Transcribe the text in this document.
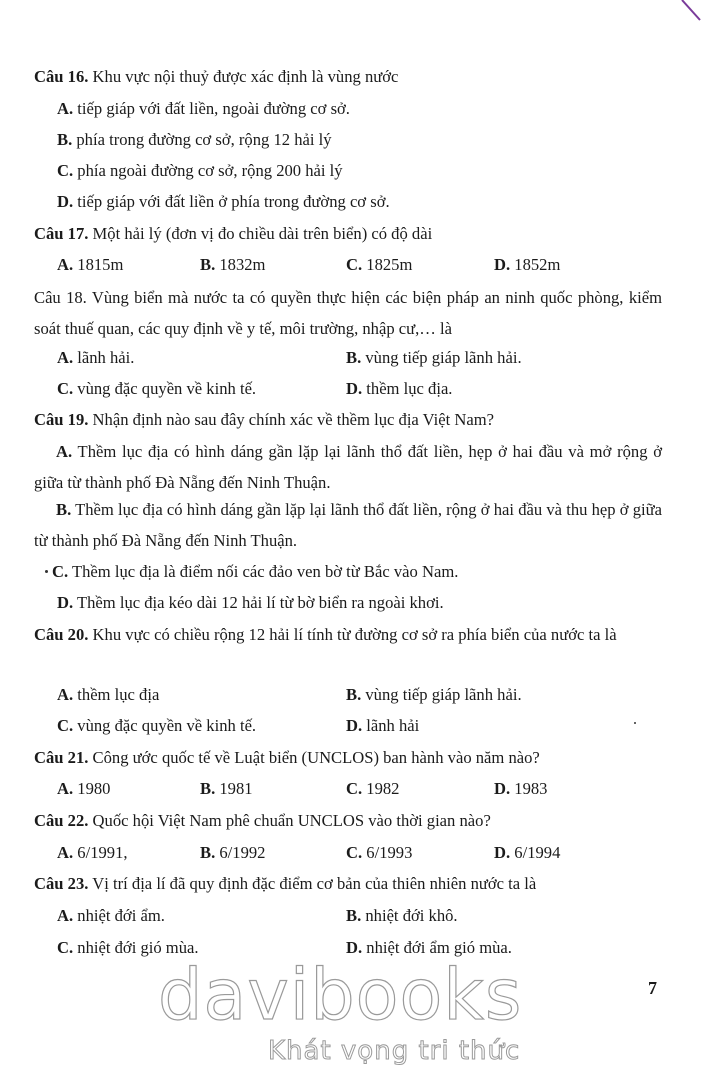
Câu 16. Khu vực nội thuỷ được xác định là vùng nước
A. tiếp giáp với đất liền, ngoài đường cơ sở.
B. phía trong đường cơ sở, rộng 12 hải lý
C. phía ngoài đường cơ sở, rộng 200 hải lý
D. tiếp giáp với đất liền ở phía trong đường cơ sở.
Câu 17. Một hải lý (đơn vị đo chiều dài trên biển) có độ dài
A. 1815m	B. 1832m	C. 1825m	D. 1852m
Câu 18. Vùng biển mà nước ta có quyền thực hiện các biện pháp an ninh quốc phòng, kiểm soát thuế quan, các quy định về y tế, môi trường, nhập cư,… là
A. lãnh hải.	B. vùng tiếp giáp lãnh hải.
C. vùng đặc quyền về kinh tế.	D. thềm lục địa.
Câu 19. Nhận định nào sau đây chính xác về thềm lục địa Việt Nam?
A. Thềm lục địa có hình dáng gần lặp lại lãnh thổ đất liền, hẹp ở hai đầu và mở rộng ở giữa từ thành phố Đà Nẵng đến Ninh Thuận.
B. Thềm lục địa có hình dáng gần lặp lại lãnh thổ đất liền, rộng ở hai đầu và thu hẹp ở giữa từ thành phố Đà Nẵng đến Ninh Thuận.
C. Thềm lục địa là điểm nối các đảo ven bờ từ Bắc vào Nam.
D. Thềm lục địa kéo dài 12 hải lí từ bờ biển ra ngoài khơi.
Câu 20. Khu vực có chiều rộng 12 hải lí tính từ đường cơ sở ra phía biển của nước ta là
A. thềm lục địa	B. vùng tiếp giáp lãnh hải.
C. vùng đặc quyền về kinh tế.	D. lãnh hải
Câu 21. Công ước quốc tế về Luật biển (UNCLOS) ban hành vào năm nào?
A. 1980	B. 1981	C. 1982	D. 1983
Câu 22. Quốc hội Việt Nam phê chuẩn UNCLOS vào thời gian nào?
A. 6/1991,	B. 6/1992	C. 6/1993	D. 6/1994
Câu 23. Vị trí địa lí đã quy định đặc điểm cơ bản của thiên nhiên nước ta là
A. nhiệt đới ẩm.	B. nhiệt đới khô.
C. nhiệt đới gió mùa.	D. nhiệt đới ẩm gió mùa.
7
davibooks
Khát vọng tri thức
